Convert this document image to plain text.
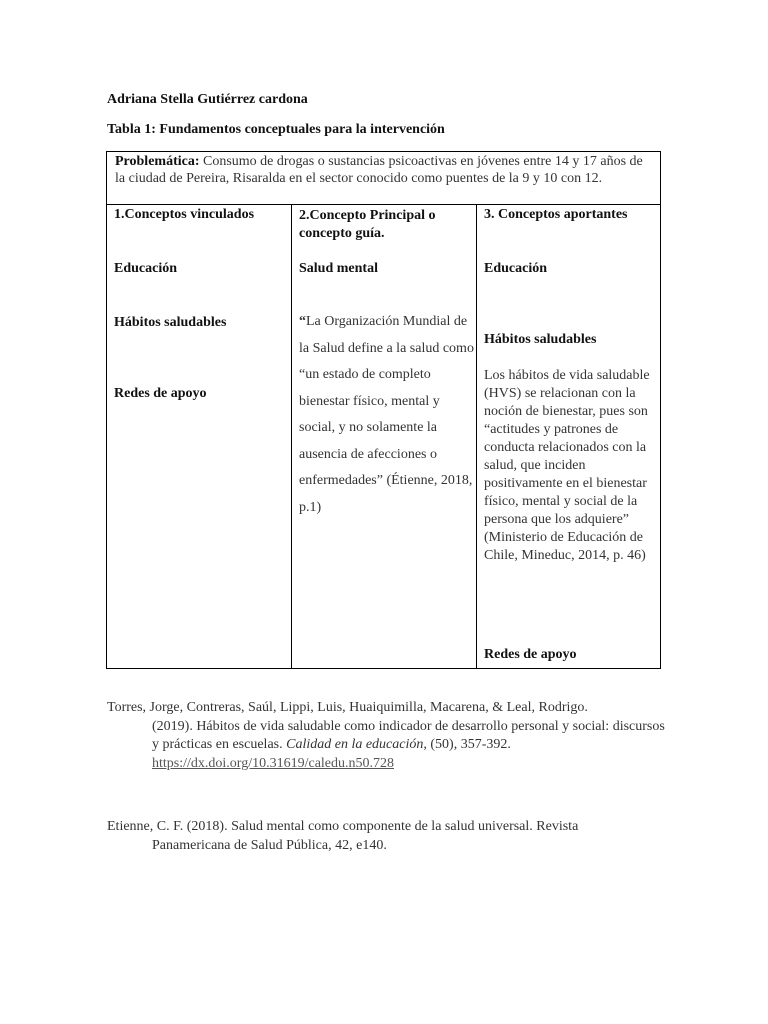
Adriana Stella Gutiérrez cardona
Tabla 1: Fundamentos conceptuales para la intervención
Problemática: Consumo de drogas o sustancias psicoactivas en jóvenes entre 14 y 17 años de la ciudad de Pereira, Risaralda en el sector conocido como puentes de la 9 y 10 con 12.
1.Conceptos vinculados
Educación
Hábitos saludables
Redes de apoyo
2.Concepto Principal o concepto guía.
Salud mental
“La Organización Mundial de la Salud define a la salud como “un estado de completo bienestar físico, mental y social, y no solamente la ausencia de afecciones o enfermedades” (Étienne, 2018, p.1)
3. Conceptos aportantes
Educación
Hábitos saludables
Los hábitos de vida saludable (HVS) se relacionan con la noción de bienestar, pues son “actitudes y patrones de conducta relacionados con la salud, que inciden positivamente en el bienestar físico, mental y social de la persona que los adquiere” (Ministerio de Educación de Chile, Mineduc, 2014, p. 46)
Redes de apoyo
Torres, Jorge, Contreras, Saúl, Lippi, Luis, Huaiquimilla, Macarena, & Leal, Rodrigo.
(2019). Hábitos de vida saludable como indicador de desarrollo personal y social: discursos y prácticas en escuelas. Calidad en la educación, (50), 357-392. https://dx.doi.org/10.31619/caledu.n50.728
Etienne, C. F. (2018). Salud mental como componente de la salud universal. Revista
Panamericana de Salud Pública, 42, e140.
